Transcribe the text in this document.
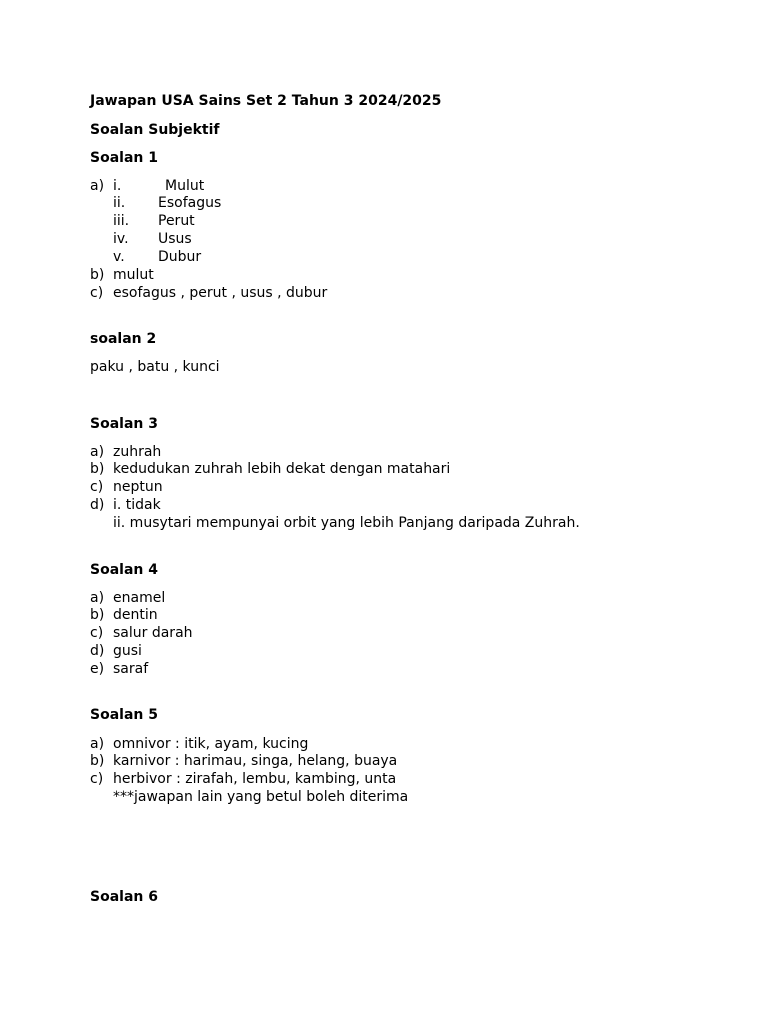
Jawapan USA Sains Set 2 Tahun 3 2024/2025
Soalan Subjektif
Soalan 1
a) i.	Mulut
ii. Esofagus
iii. Perut
iv. Usus
v. Dubur
b) mulut
c) esofagus , perut , usus , dubur
soalan 2
paku , batu , kunci
Soalan 3
a) zuhrah
b) kedudukan zuhrah lebih dekat dengan matahari
c) neptun
d) i. tidak
ii. musytari mempunyai orbit yang lebih Panjang daripada Zuhrah.
Soalan 4
a) enamel
b) dentin
c) salur darah
d) gusi
e) saraf
Soalan 5
a) omnivor : itik, ayam, kucing
b) karnivor : harimau, singa, helang, buaya
c) herbivor : zirafah, lembu, kambing, unta
***jawapan lain yang betul boleh diterima
Soalan 6
